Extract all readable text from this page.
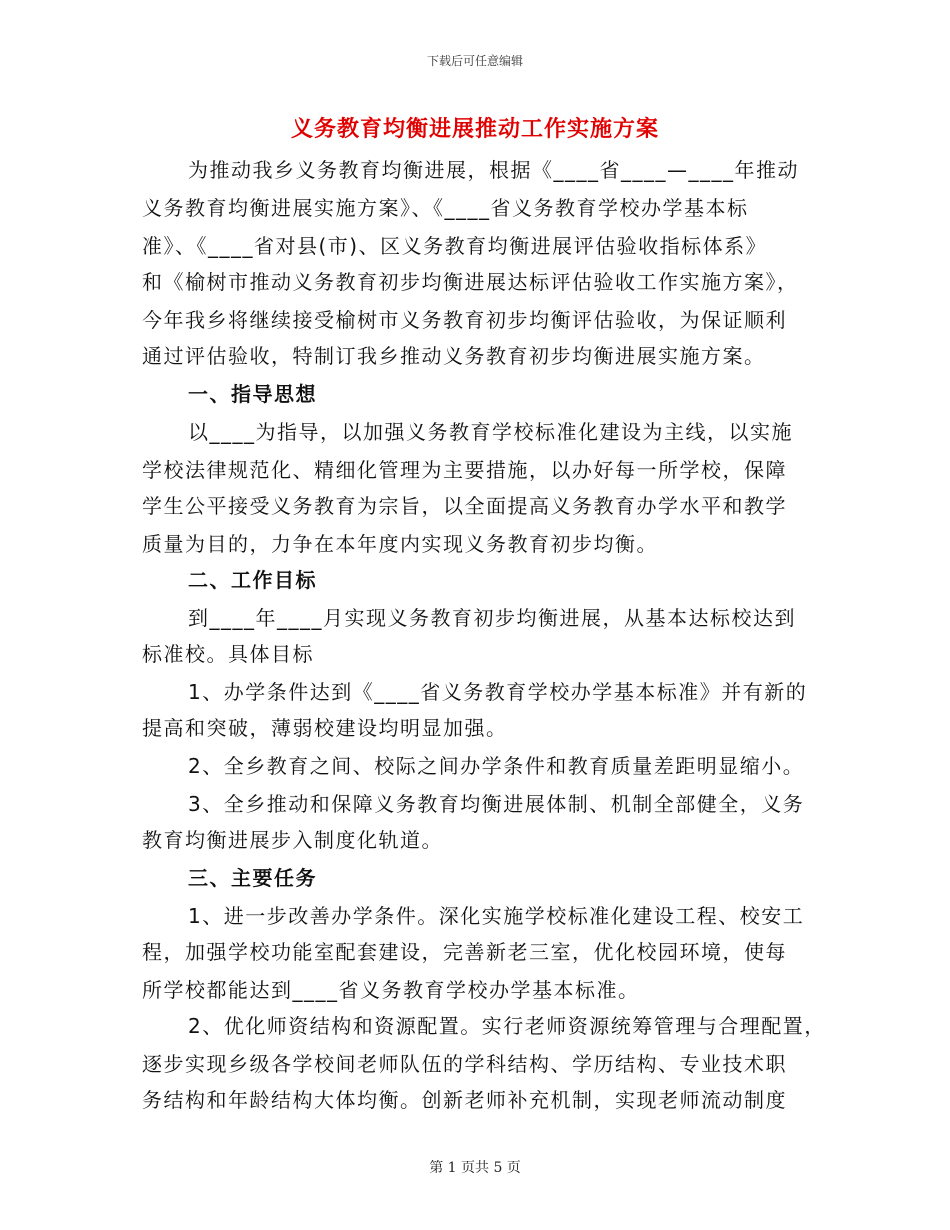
下载后可任意编辑
义务教育均衡进展推动工作实施方案
为推动我乡义务教育均衡进展，根据《____省____—____年推动
义务教育均衡进展实施方案》、《____省义务教育学校办学基本标
准》、《____省对县(市)、区义务教育均衡进展评估验收指标体系》
和《榆树市推动义务教育初步均衡进展达标评估验收工作实施方案》，
今年我乡将继续接受榆树市义务教育初步均衡评估验收，为保证顺利
通过评估验收，特制订我乡推动义务教育初步均衡进展实施方案。
一、指导思想
以____为指导，以加强义务教育学校标准化建设为主线，以实施
学校法律规范化、精细化管理为主要措施，以办好每一所学校，保障
学生公平接受义务教育为宗旨，以全面提高义务教育办学水平和教学
质量为目的，力争在本年度内实现义务教育初步均衡。
二、工作目标
到____年____月实现义务教育初步均衡进展，从基本达标校达到
标准校。具体目标
1、办学条件达到《____省义务教育学校办学基本标准》并有新的
提高和突破，薄弱校建设均明显加强。
2、全乡教育之间、校际之间办学条件和教育质量差距明显缩小。
3、全乡推动和保障义务教育均衡进展体制、机制全部健全，义务
教育均衡进展步入制度化轨道。
三、主要任务
1、进一步改善办学条件。深化实施学校标准化建设工程、校安工
程，加强学校功能室配套建设，完善新老三室，优化校园环境，使每
所学校都能达到____省义务教育学校办学基本标准。
2、优化师资结构和资源配置。实行老师资源统筹管理与合理配置，
逐步实现乡级各学校间老师队伍的学科结构、学历结构、专业技术职
务结构和年龄结构大体均衡。创新老师补充机制，实现老师流动制度
第 1 页共 5 页
